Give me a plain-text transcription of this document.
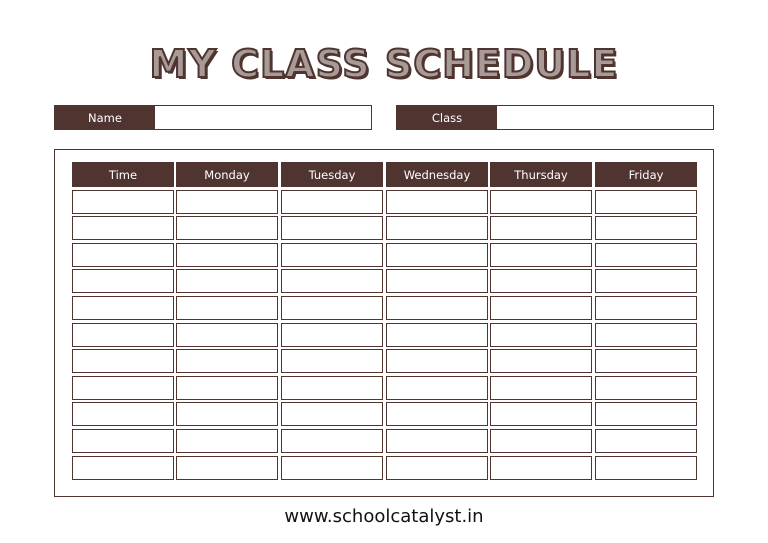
MY CLASS SCHEDULE
Name	Class
Time	Monday	Tuesday	Wednesday	Thursday	Friday
www.schoolcatalyst.in
